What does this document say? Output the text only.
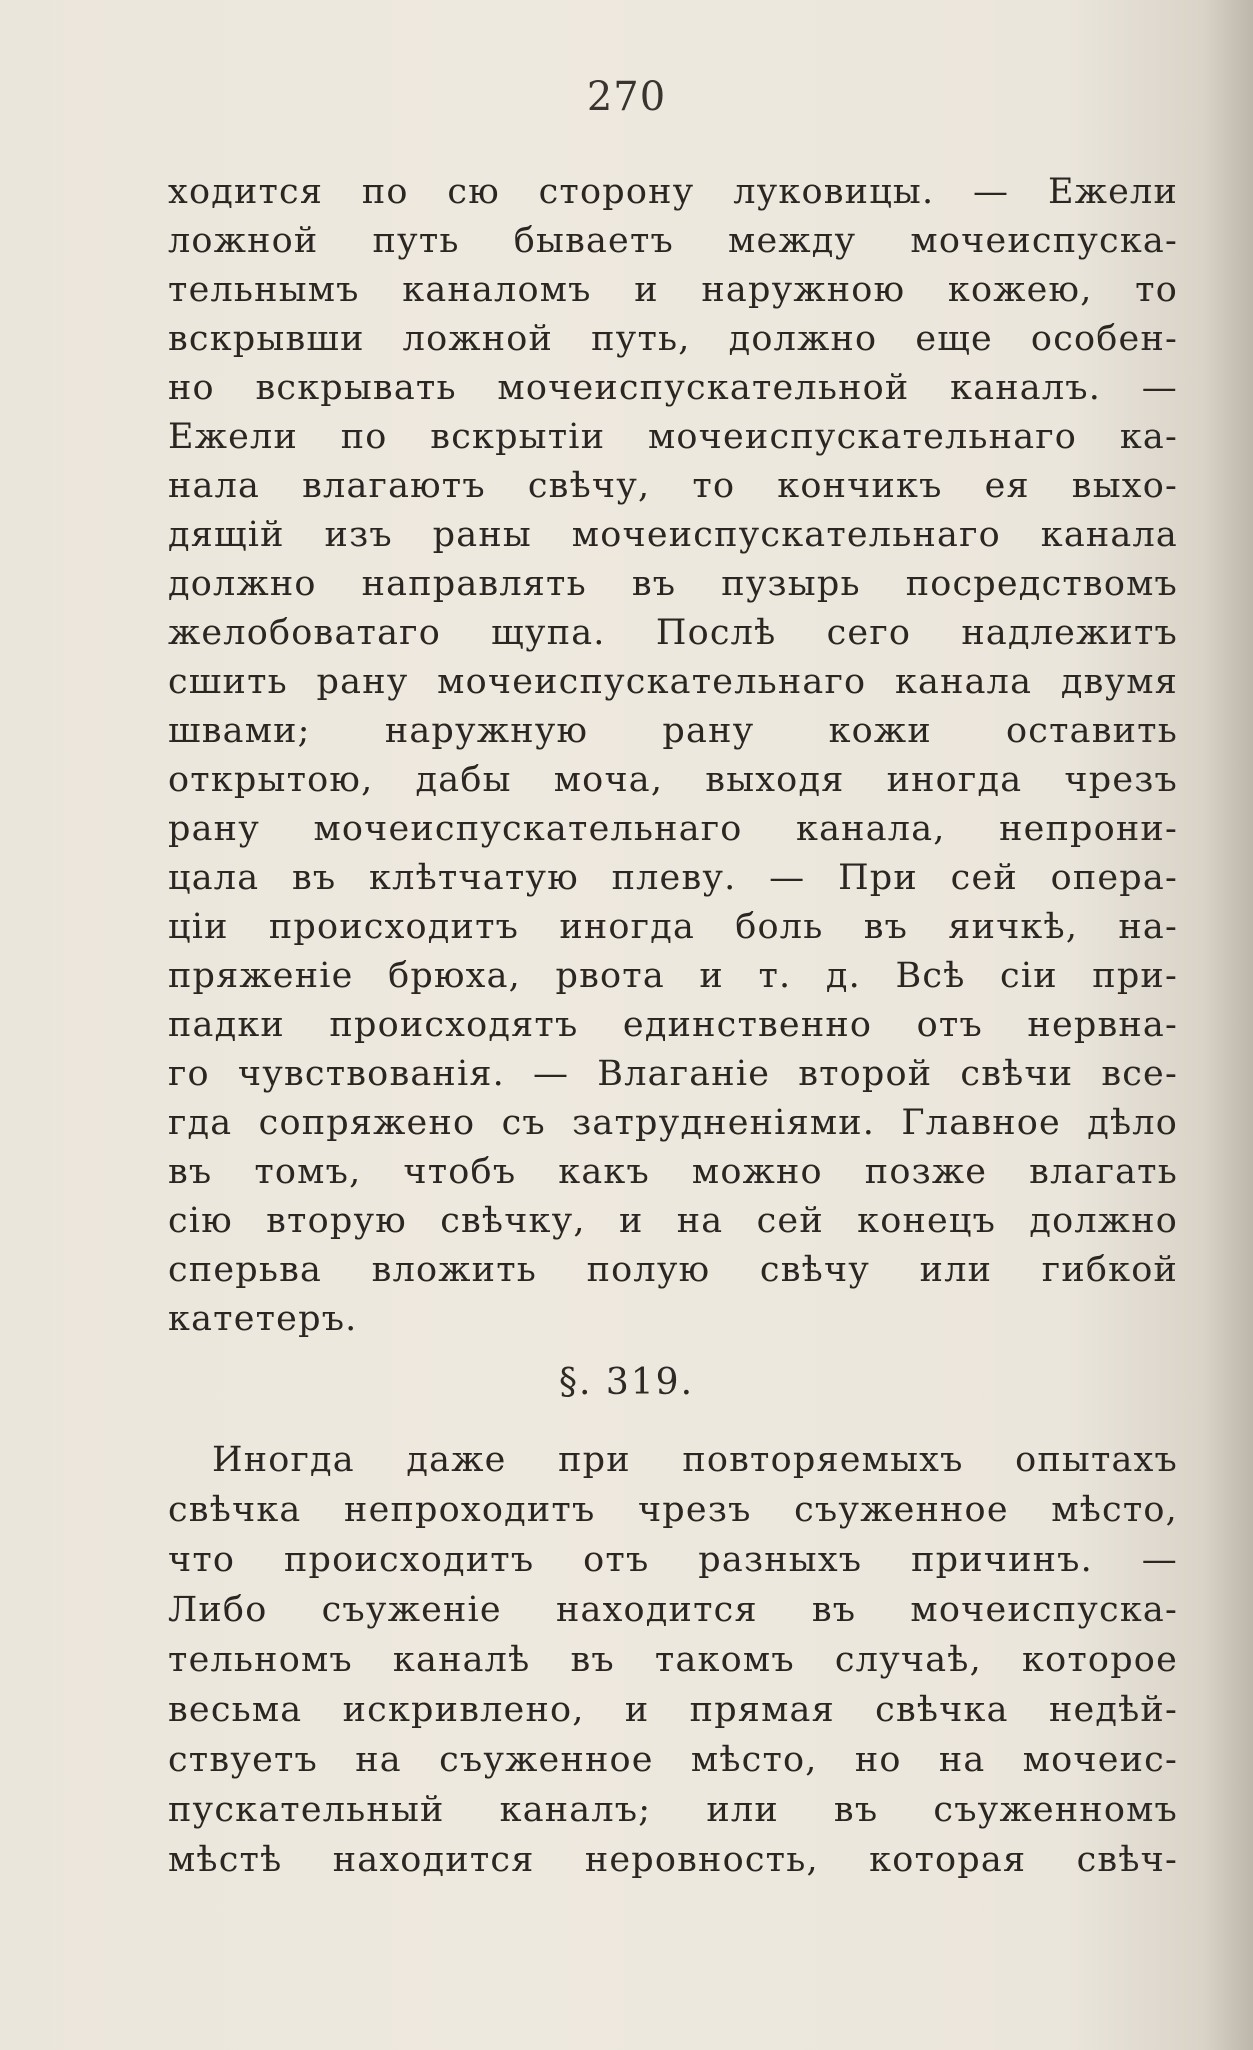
270
ходится по сю сторону луковицы. — Ежели
ложной путь бываетъ между мочеиспуска-
тельнымъ каналомъ и наружною кожею, то
вскрывши ложной путь, должно еще особен-
но вскрывать мочеиспускательной каналъ. —
Ежели по вскрытіи мочеиспускательнаго ка-
нала влагаютъ свѣчу, то кончикъ ея выхо-
дящій изъ раны мочеиспускательнаго канала
должно направлять въ пузырь посредствомъ
желобоватаго щупа. Послѣ сего надлежитъ
сшить рану мочеиспускательнаго канала двумя
швами; наружную рану кожи оставить
открытою, дабы моча, выходя иногда чрезъ
рану мочеиспускательнаго канала, непрони-
цала въ клѣтчатую плеву. — При сей опера-
ціи происходитъ иногда боль въ яичкѣ, на-
пряженіе брюха, рвота и т. д. Всѣ сіи при-
падки происходятъ единственно отъ нервна-
го чувствованія. — Влаганіе второй свѣчи все-
гда сопряжено съ затрудненіями. Главное дѣло
въ томъ, чтобъ какъ можно позже влагать
сію вторую свѣчку, и на сей конецъ должно
сперьва вложить полую свѣчу или гибкой
катетеръ.
§. 319.
Иногда даже при повторяемыхъ опытахъ
свѣчка непроходитъ чрезъ съуженное мѣсто,
что происходитъ отъ разныхъ причинъ. —
Либо съуженіе находится въ мочеиспуска-
тельномъ каналѣ въ такомъ случаѣ, которое
весьма искривлено, и прямая свѣчка недѣй-
ствуетъ на съуженное мѣсто, но на мочеис-
пускательный каналъ; или въ съуженномъ
мѣстѣ находится неровность, которая свѣч-
